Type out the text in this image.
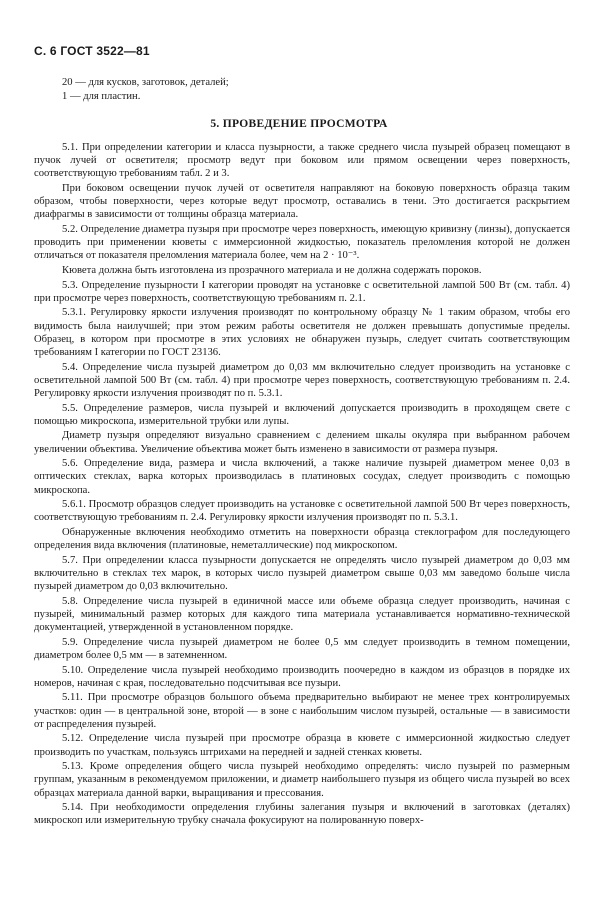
С. 6 ГОСТ 3522—81
20 — для кусков, заготовок, деталей;
1 — для пластин.
5. ПРОВЕДЕНИЕ ПРОСМОТРА

5.1. При определении категории и класса пузырности, а также среднего числа пузырей образец помещают в пучок лучей от осветителя; просмотр ведут при боковом или прямом освещении через поверхность, соответствующую требованиям табл. 2 и 3.

При боковом освещении пучок лучей от осветителя направляют на боковую поверхность образца таким образом, чтобы поверхности, через которые ведут просмотр, оставались в тени. Это достигается раскрытием диафрагмы в зависимости от толщины образца материала.

5.2. Определение диаметра пузыря при просмотре через поверхность, имеющую кривизну (линзы), допускается проводить при применении кюветы с иммерсионной жидкостью, показатель преломления которой не должен отличаться от показателя преломления материала более, чем на 2 · 10⁻³.

Кювета должна быть изготовлена из прозрачного материала и не должна содержать пороков.

5.3. Определение пузырности I категории проводят на установке с осветительной лампой 500 Вт (см. табл. 4) при просмотре через поверхность, соответствующую требованиям п. 2.1.

5.3.1. Регулировку яркости излучения производят по контрольному образцу № 1 таким образом, чтобы его видимость была наилучшей; при этом режим работы осветителя не должен превышать допустимые пределы. Образец, в котором при просмотре в этих условиях не обнаружен пузырь, следует считать соответствующим требованиям I категории по ГОСТ 23136.

5.4. Определение числа пузырей диаметром до 0,03 мм включительно следует производить на установке с осветительной лампой 500 Вт (см. табл. 4) при просмотре через поверхность, соответствующую требованиям п. 2.4. Регулировку яркости излучения производят по п. 5.3.1.

5.5. Определение размеров, числа пузырей и включений допускается производить в проходящем свете с помощью микроскопа, измерительной трубки или лупы.

Диаметр пузыря определяют визуально сравнением с делением шкалы окуляра при выбранном рабочем увеличении объектива. Увеличение объектива может быть изменено в зависимости от размера пузыря.

5.6. Определение вида, размера и числа включений, а также наличие пузырей диаметром менее 0,03 в оптических стеклах, варка которых производилась в платиновых сосудах, следует производить с помощью микроскопа.

5.6.1. Просмотр образцов следует производить на установке с осветительной лампой 500 Вт через поверхность, соответствующую требованиям п. 2.4. Регулировку яркости излучения производят по п. 5.3.1.

Обнаруженные включения необходимо отметить на поверхности образца стеклографом для последующего определения вида включения (платиновые, неметаллические) под микроскопом.

5.7. При определении класса пузырности допускается не определять число пузырей диаметром до 0,03 мм включительно в стеклах тех марок, в которых число пузырей диаметром свыше 0,03 мм заведомо больше числа пузырей диаметром до 0,03 включительно.

5.8. Определение числа пузырей в единичной массе или объеме образца следует производить, начиная с пузырей, минимальный размер которых для каждого типа материала устанавливается нормативно-технической документацией, утвержденной в установленном порядке.

5.9. Определение числа пузырей диаметром не более 0,5 мм следует производить в темном помещении, диаметром более 0,5 мм — в затемненном.

5.10. Определение числа пузырей необходимо производить поочередно в каждом из образцов в порядке их номеров, начиная с края, последовательно подсчитывая все пузыри.

5.11. При просмотре образцов большого объема предварительно выбирают не менее трех контролируемых участков: один — в центральной зоне, второй — в зоне с наибольшим числом пузырей, остальные — в зависимости от распределения пузырей.

5.12. Определение числа пузырей при просмотре образца в кювете с иммерсионной жидкостью следует производить по участкам, пользуясь штрихами на передней и задней стенках кюветы.

5.13. Кроме определения общего числа пузырей необходимо определять: число пузырей по размерным группам, указанным в рекомендуемом приложении, и диаметр наибольшего пузыря из общего числа пузырей во всех образцах материала данной варки, выращивания и прессования.

5.14. При необходимости определения глубины залегания пузыря и включений в заготовках (деталях) микроскоп или измерительную трубку сначала фокусируют на полированную поверх-
